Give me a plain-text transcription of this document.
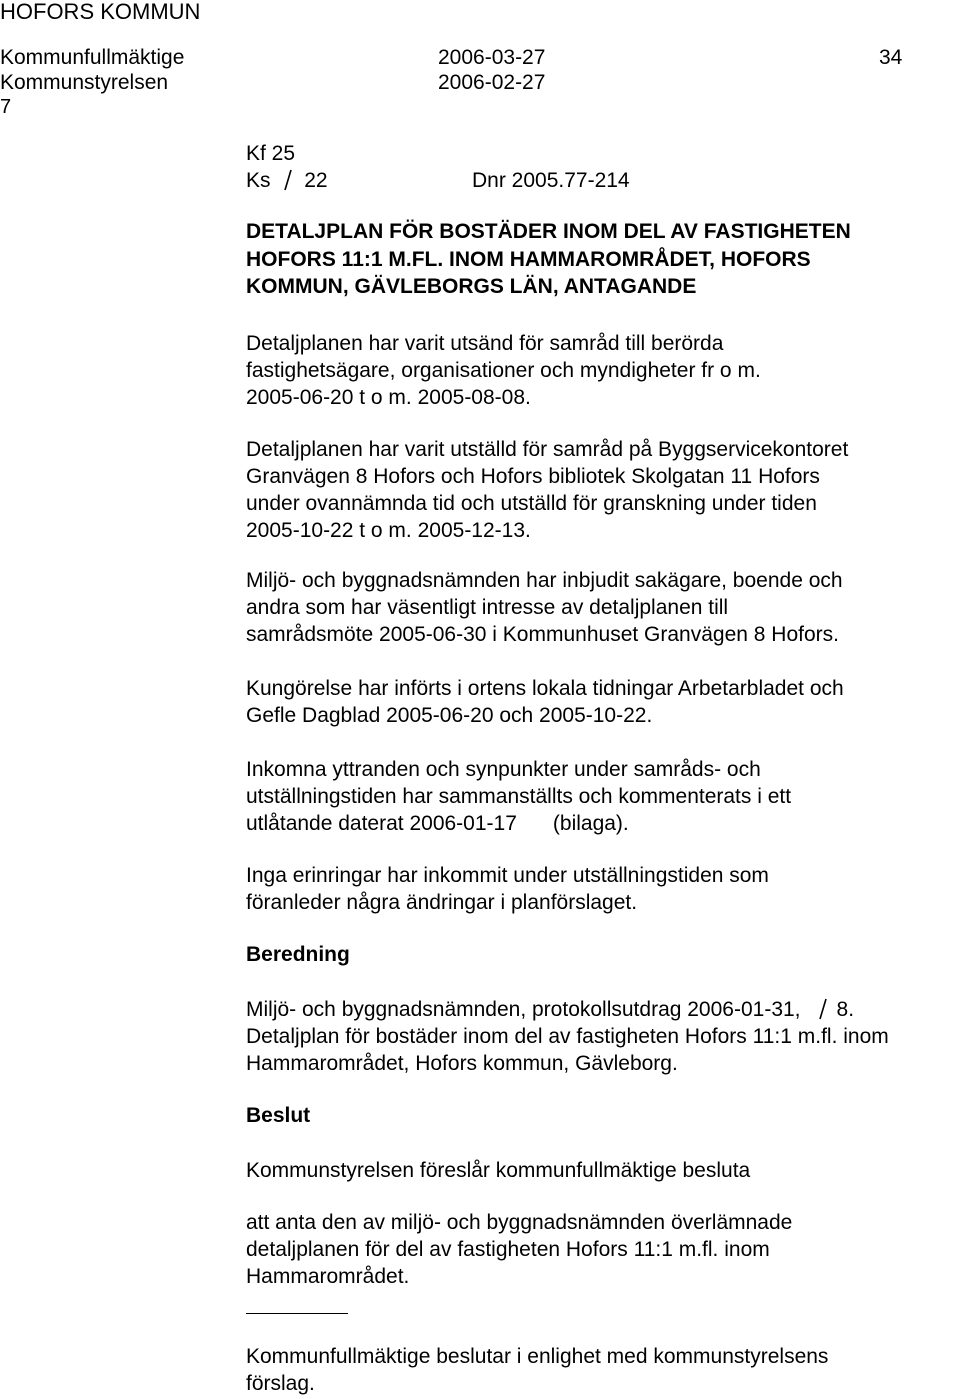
HOFORS KOMMUN
Kommunfullmäktige	2006-03-27	34
Kommunstyrelsen	2006-02-27
7
Kf 25
Ks 22	Dnr 2005.77-214
DETALJPLAN FÖR BOSTÄDER INOM DEL AV FASTIGHETEN
HOFORS 11:1 M.FL. INOM HAMMAROMRÅDET, HOFORS
KOMMUN, GÄVLEBORGS LÄN, ANTAGANDE
Detaljplanen har varit utsänd för samråd till berörda
fastighetsägare, organisationer och myndigheter fr o m.
2005-06-20 t o m. 2005-08-08.
Detaljplanen har varit utställd för samråd på Byggservicekontoret
Granvägen 8 Hofors och Hofors bibliotek Skolgatan 11 Hofors
under ovannämnda tid och utställd för granskning under tiden
2005-10-22 t o m. 2005-12-13.
Miljö- och byggnadsnämnden har inbjudit sakägare, boende och
andra som har väsentligt intresse av detaljplanen till
samrådsmöte 2005-06-30 i Kommunhuset Granvägen 8 Hofors.
Kungörelse har införts i ortens lokala tidningar Arbetarbladet och
Gefle Dagblad 2005-06-20 och 2005-10-22.
Inkomna yttranden och synpunkter under samråds- och
utställningstiden har sammanställts och kommenterats i ett
utlåtande daterat 2006-01-17 (bilaga).
Inga erinringar har inkommit under utställningstiden som
föranleder några ändringar i planförslaget.
Beredning
Miljö- och byggnadsnämnden, protokollsutdrag 2006-01-31, 8.
Detaljplan för bostäder inom del av fastigheten Hofors 11:1 m.fl. inom
Hammarområdet, Hofors kommun, Gävleborg.
Beslut
Kommunstyrelsen föreslår kommunfullmäktige besluta
att anta den av miljö- och byggnadsnämnden överlämnade
detaljplanen för del av fastigheten Hofors 11:1 m.fl. inom
Hammarområdet.
Kommunfullmäktige beslutar i enlighet med kommunstyrelsens
förslag.
